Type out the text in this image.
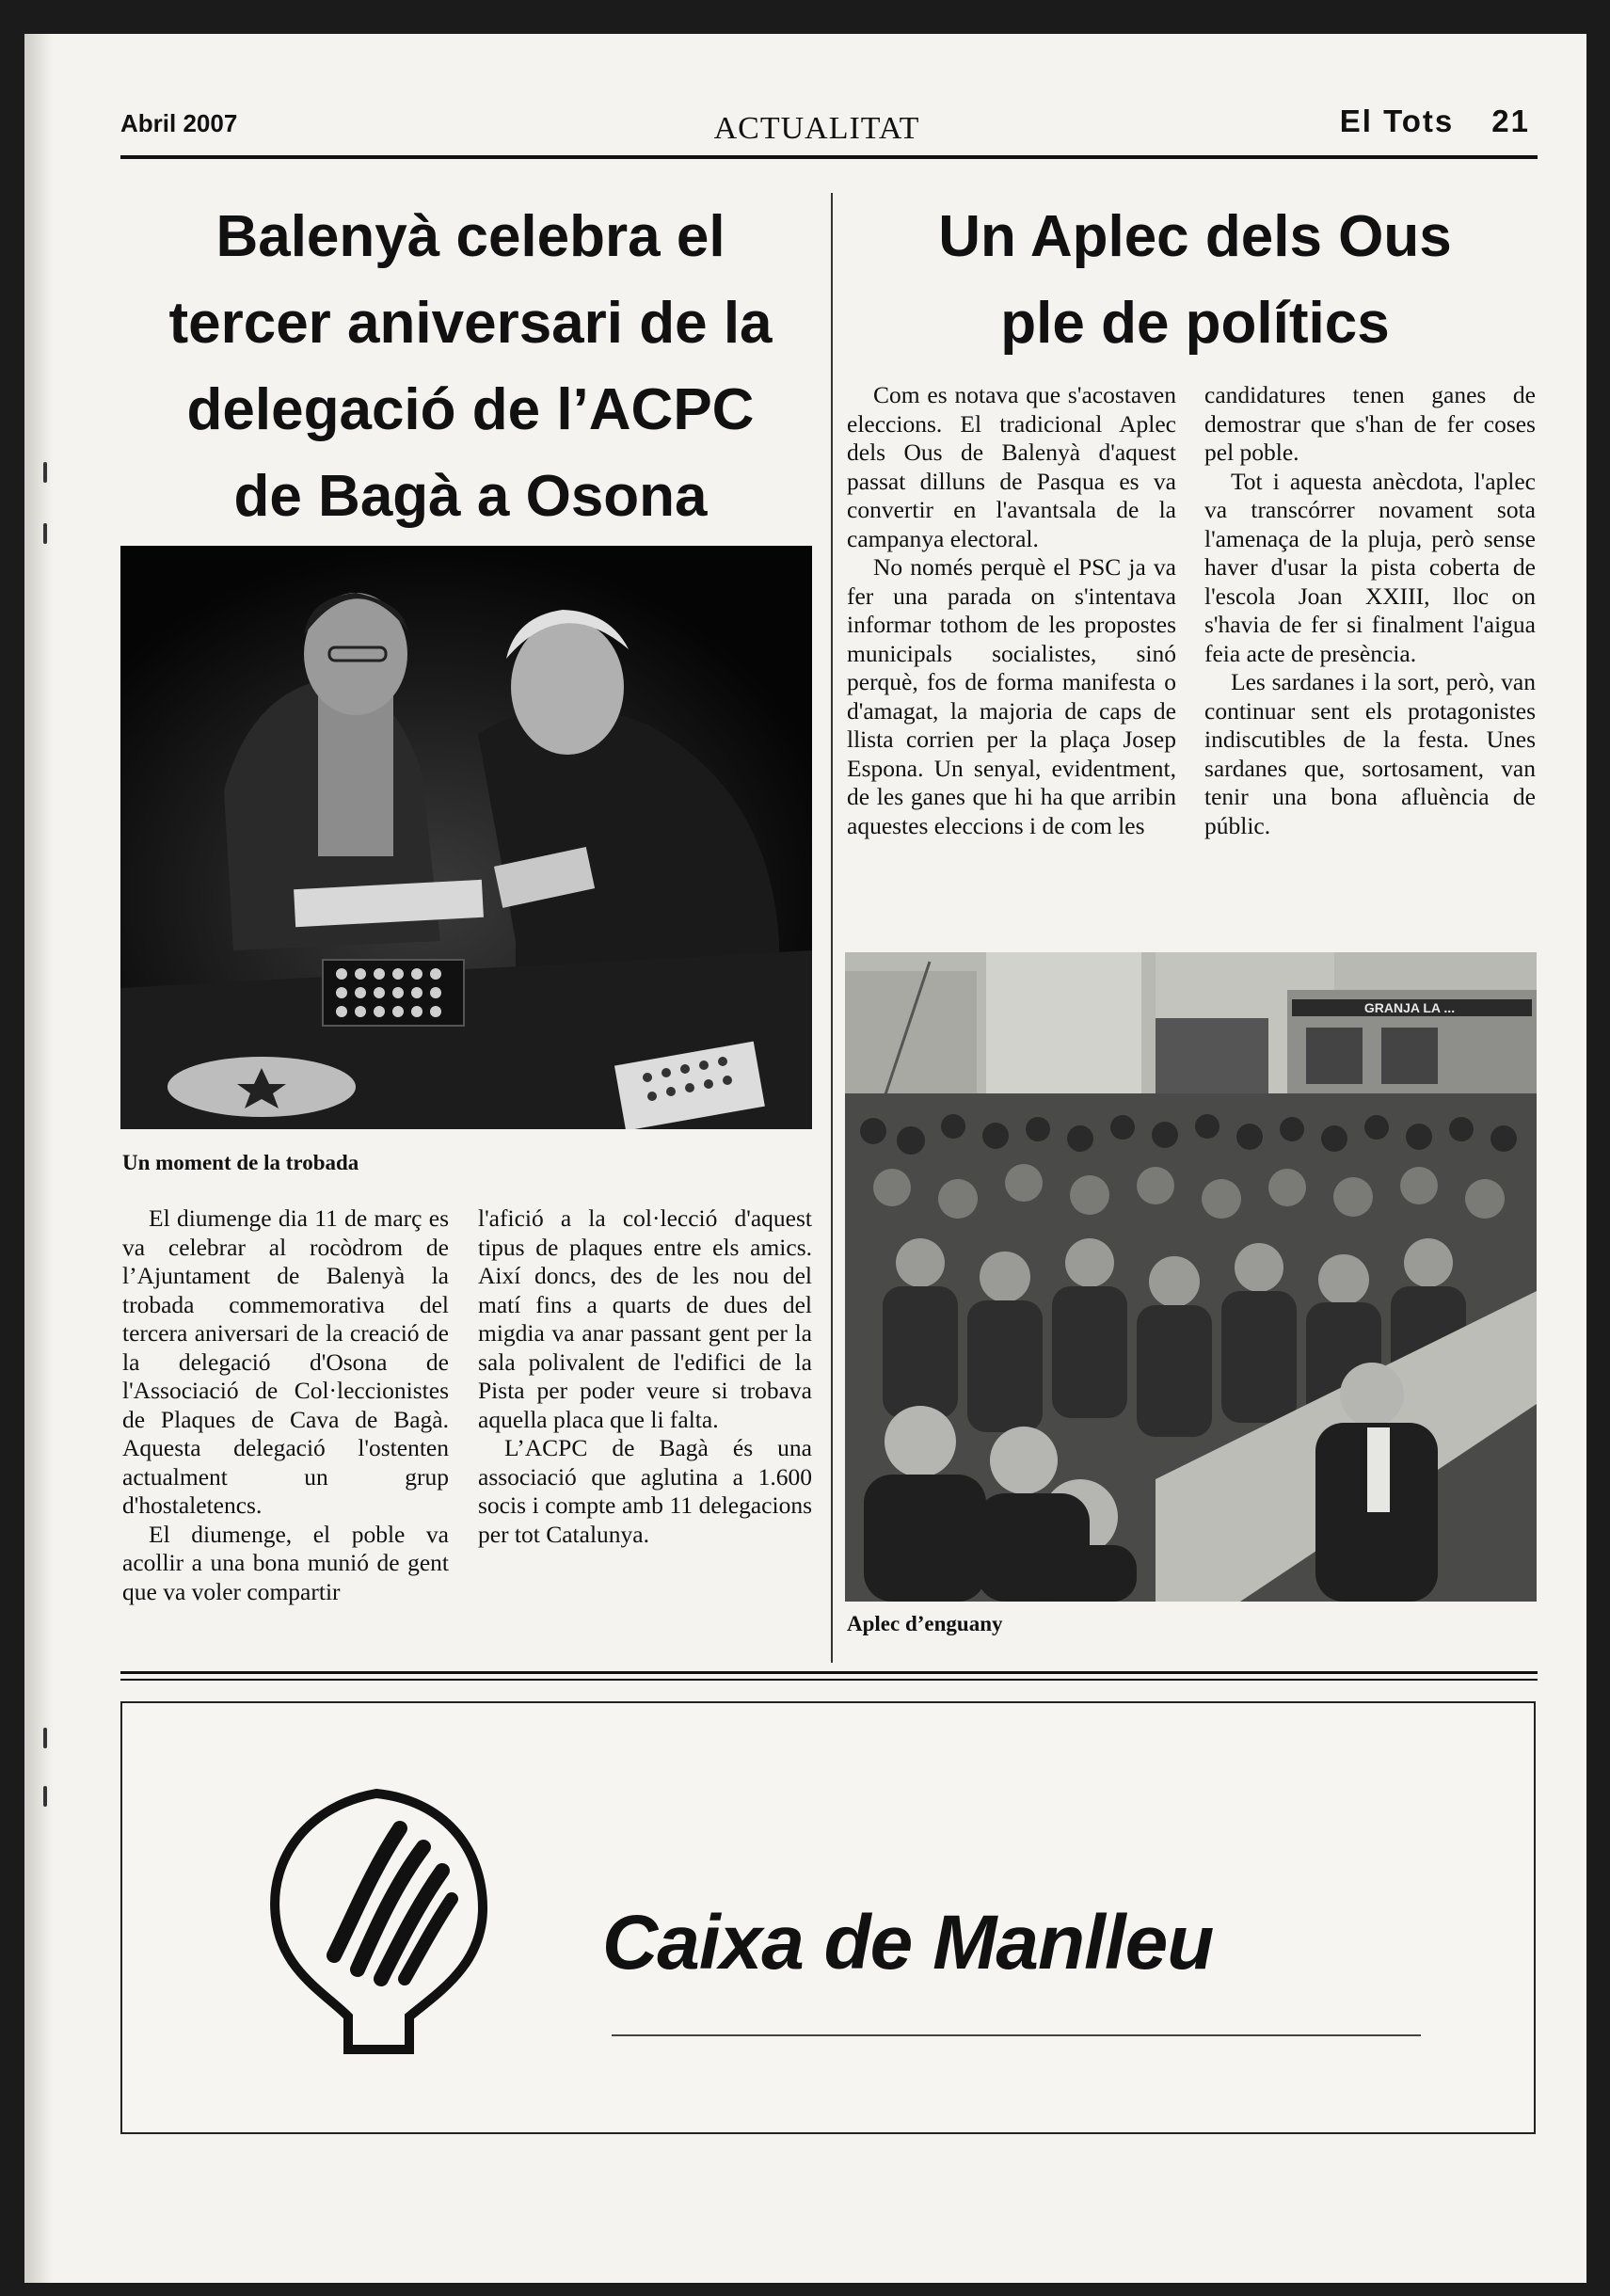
Abril 2007	ACTUALITAT	El Tots 21
Balenyà celebra el
tercer aniversari de la
delegació de l’ACPC
de Bagà a Osona
Un Aplec dels Ous
ple de polítics
Un moment de la trobada
GRANJA LA ...
Aplec d’enguany

El diumenge dia 11 de març es va celebrar al rocòdrom de l’Ajuntament de Balenyà la trobada commemorativa del tercera aniversari de la creació de la delegació d'Osona de l'Associació de Col·leccionistes de Plaques de Cava de Bagà. Aquesta delegació l'ostenten actualment un grup d'hostaletencs.

El diumenge, el poble va acollir a una bona munió de gent que va voler compartir

l'afició a la col·lecció d'aquest tipus de plaques entre els amics. Així doncs, des de les nou del matí fins a quarts de dues del migdia va anar passant gent per la sala polivalent de l'edifici de la Pista per poder veure si trobava aquella placa que li falta.

L’ACPC de Bagà és una associació que aglutina a 1.600 socis i compte amb 11 delegacions per tot Catalunya.

Com es notava que s'acostaven eleccions. El tradicional Aplec dels Ous de Balenyà d'aquest passat dilluns de Pasqua es va convertir en l'avantsala de la campanya electoral.

No només perquè el PSC ja va fer una parada on s'intentava informar tothom de les propostes municipals socialistes, sinó perquè, fos de forma manifesta o d'amagat, la majoria de caps de llista corrien per la plaça Josep Espona. Un senyal, evidentment, de les ganes que hi ha que arribin aquestes eleccions i de com les

candidatures tenen ganes de demostrar que s'han de fer coses pel poble.

Tot i aquesta anècdota, l'aplec va transcórrer novament sota l'amenaça de la pluja, però sense haver d'usar la pista coberta de l'escola Joan XXIII, lloc on s'havia de fer si finalment l'aigua feia acte de presència.

Les sardanes i la sort, però, van continuar sent els protagonistes indiscutibles de la festa. Unes sardanes que, sortosament, van tenir una bona afluència de públic.

Caixa de Manlleu
